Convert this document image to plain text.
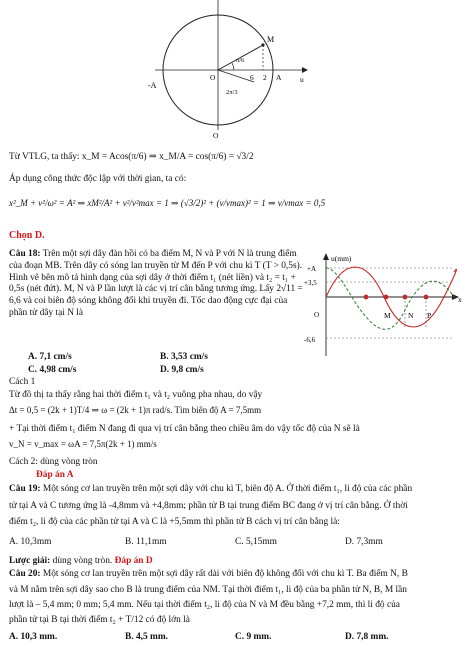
-A
O	6 2 A u
M
π/6
2π/3
O
Từ VTLG, ta thấy: x_M = Acos(π/6) ⇒ x_M/A = cos(π/6) = √3/2
Áp dụng công thức độc lập với thời gian, ta có:
x²_M + v²/ω² = A² ⇒ xM²/A² + v²/v²max = 1 ⇒ (√3/2)² + (v/vmax)² = 1 ⇒ v/vmax = 0,5
Chọn D.
Câu 18: Trên một sợi dây đàn hồi có ba điểm M, N và P với N là trung điểm của đoạn MB. Trên dây có sóng lan truyền từ M đến P với chu kì T (T > 0,5s). Hình vẽ bên mô tả hình dạng của sợi dây ở thời điểm t₁ (nét liền) và t₂ = t₁ + 0,5s (nét đứt). M, N và P lần lượt là các vị trí cân bằng tương ứng. Lấy 2√11 = 6,6 và coi biên độ sóng không đổi khi truyền đi. Tốc dao động cực đại của phần tử dây tại N là
u(mm)
+A
+3,5
O
-6,6
x
M N P
A. 7,1 cm/s	B. 3,53 cm/s
C. 4,98 cm/s	D. 9,8 cm/s
Cách 1
Từ đồ thị ta thấy rằng hai thời điểm t₁ và t₂ vuông pha nhau, do vậy
Δt = 0,5 = (2k + 1)T/4 ⇒ ω = (2k + 1)π rad/s. Tìm biên độ A = 7,5mm
+ Tại thời điểm t₁ điểm N đang đi qua vị trí cân bằng theo chiều âm do vậy tốc độ của N sẽ là
v_N = v_max = ωA = 7,5π(2k + 1) mm/s
Cách 2: dùng vòng tròn
Đáp án A
Câu 19: Một sóng cơ lan truyền trên một sợi dây với chu kì T, biên độ A. Ở thời điểm t₁, li độ của các phần
tử tại A và C tương ứng là -4,8mm và +4,8mm; phần tử B tại trung điểm BC đang ở vị trí cân bằng. Ở thời
điểm t₂, li độ của các phần tử tại A và C là +5,5mm thì phần tử B cách vị trí cân bằng là:
A. 10,3mm	B. 11,1mm	C. 5,15mm	D. 7,3mm
Lược giải: dùng vòng tròn. Đáp án D
Câu 20: Một sóng cơ lan truyền trên một sợi dây rất dài với biên độ không đổi với chu kì T. Ba điểm N, B
và M nằm trên sợi dây sao cho B là trung điểm của NM. Tại thời điểm t₁, li độ của ba phần tử N, B, M lần
lượt là – 5,4 mm; 0 mm; 5,4 mm. Nếu tại thời điểm t₂, li độ của N và M đều bằng +7,2 mm, thì li độ của
phần tử tại B tại thời điểm t₂ + T/12 có độ lớn là
A. 10,3 mm.	B. 4,5 mm.	C. 9 mm.	D. 7,8 mm.
